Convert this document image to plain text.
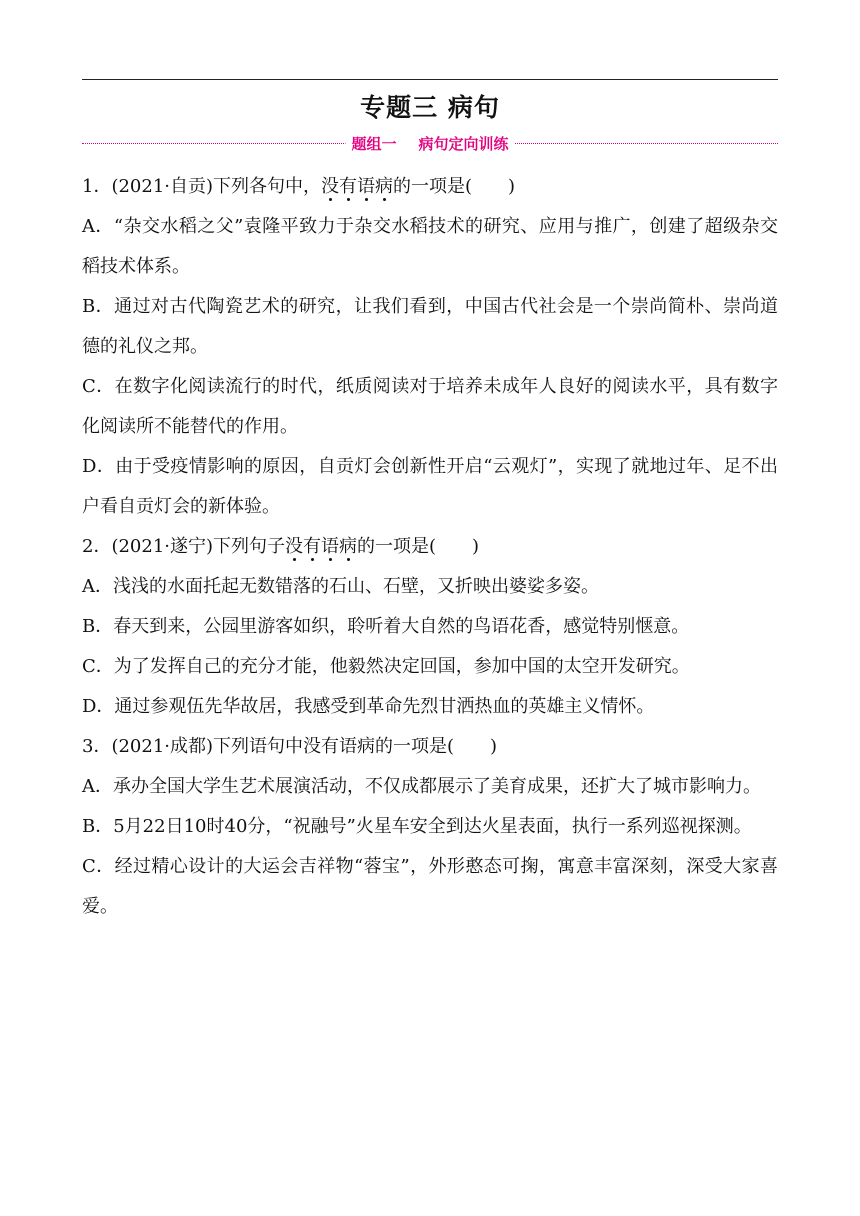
专题三 病句
题组一 病句定向训练

1．(2021·自贡)下列各句中，没有语病的一项是(　　)

A．“杂交水稻之父”袁隆平致力于杂交水稻技术的研究、应用与推广，创建了超级杂交稻技术体系。

B．通过对古代陶瓷艺术的研究，让我们看到，中国古代社会是一个崇尚简朴、崇尚道德的礼仪之邦。

C．在数字化阅读流行的时代，纸质阅读对于培养未成年人良好的阅读水平，具有数字化阅读所不能替代的作用。

D．由于受疫情影响的原因，自贡灯会创新性开启“云观灯”，实现了就地过年、足不出户看自贡灯会的新体验。

2．(2021·遂宁)下列句子没有语病的一项是(　　)

A．浅浅的水面托起无数错落的石山、石壁，又折映出婆娑多姿。

B．春天到来，公园里游客如织，聆听着大自然的鸟语花香，感觉特别惬意。

C．为了发挥自己的充分才能，他毅然决定回国，参加中国的太空开发研究。

D．通过参观伍先华故居，我感受到革命先烈甘洒热血的英雄主义情怀。

3．(2021·成都)下列语句中没有语病的一项是(　　)

A．承办全国大学生艺术展演活动，不仅成都展示了美育成果，还扩大了城市影响力。

B．5月22日10时40分，“祝融号”火星车安全到达火星表面，执行一系列巡视探测。

C．经过精心设计的大运会吉祥物“蓉宝”，外形憨态可掬，寓意丰富深刻，深受大家喜爱。
